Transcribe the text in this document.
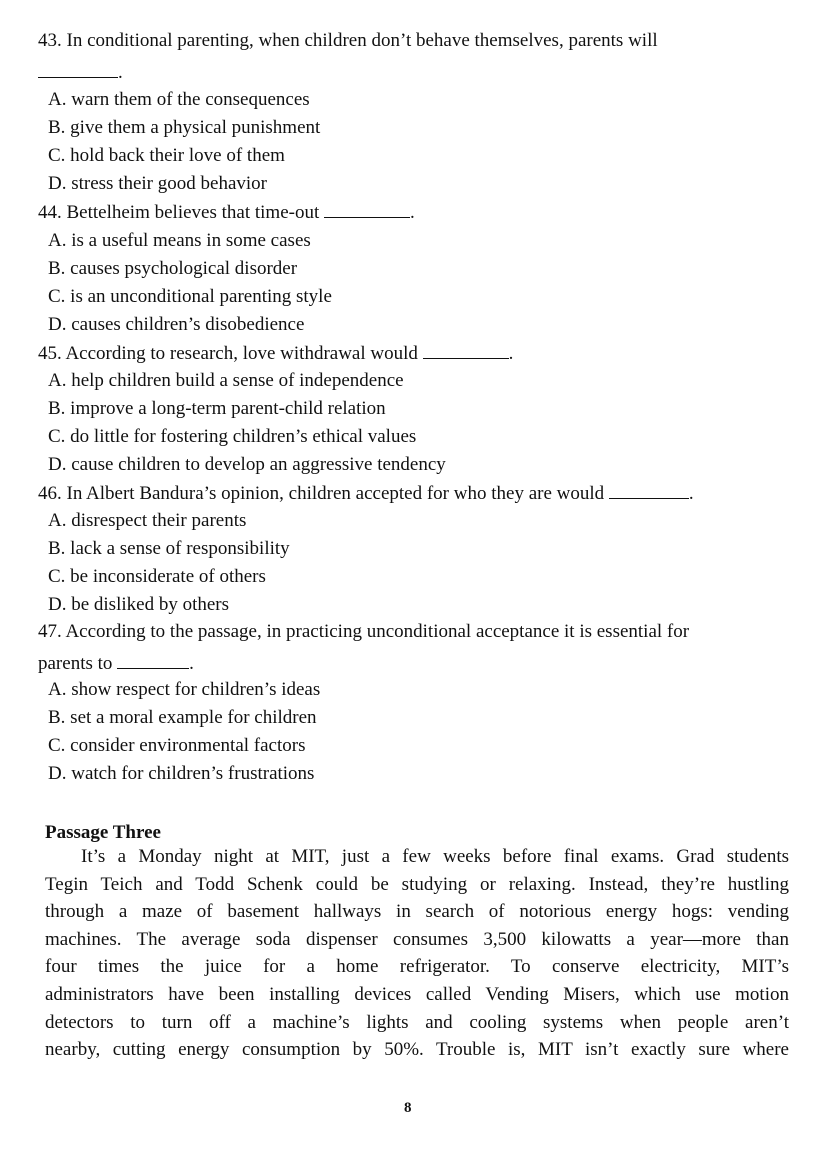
43. In conditional parenting, when children don’t behave themselves, parents will
.
A. warn them of the consequences
B. give them a physical punishment
C. hold back their love of them
D. stress their good behavior
44. Bettelheim believes that time-out	.
A. is a useful means in some cases
B. causes psychological disorder
C. is an unconditional parenting style
D. causes children’s disobedience
45. According to research, love withdrawal would	.
A. help children build a sense of independence
B. improve a long-term parent-child relation
C. do little for fostering children’s ethical values
D. cause children to develop an aggressive tendency
46. In Albert Bandura’s opinion, children accepted for who they are would	.
A. disrespect their parents
B. lack a sense of responsibility
C. be inconsiderate of others
D. be disliked by others
47. According to the passage, in practicing unconditional acceptance it is essential for
parents to	.
A. show respect for children’s ideas
B. set a moral example for children
C. consider environmental factors
D. watch for children’s frustrations
Passage Three
It’s a Monday night at MIT, just a few weeks before final exams. Grad students
Tegin Teich and Todd Schenk could be studying or relaxing. Instead, they’re hustling
through a maze of basement hallways in search of notorious energy hogs: vending
machines. The average soda dispenser consumes 3,500 kilowatts a year—more than
four times the juice for a home refrigerator. To conserve electricity, MIT’s
administrators have been installing devices called Vending Misers, which use motion
detectors to turn off a machine’s lights and cooling systems when people aren’t
nearby, cutting energy consumption by 50%. Trouble is, MIT isn’t exactly sure where
8
